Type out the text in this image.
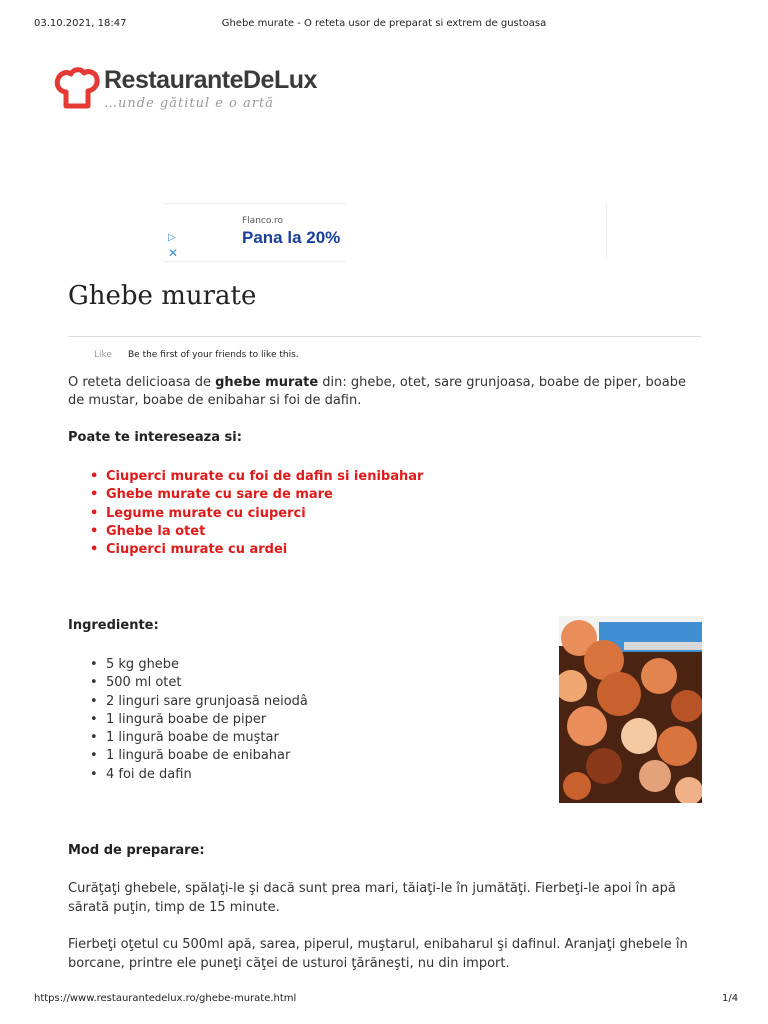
03.10.2021, 18:47	Ghebe murate - O reteta usor de preparat si extrem de gustoasa
RestauranteDeLux
…unde gătitul e o artă
▷
✕
Flanco.ro
Pana la 20%
Ghebe murate
Like Be the first of your friends to like this.

O reteta delicioasa de ghebe murate din: ghebe, otet, sare grunjoasa, boabe de piper, boabe de mustar, boabe de enibahar si foi de dafin.

Poate te intereseaza si:
• Ciuperci murate cu foi de dafin si ienibahar
• Ghebe murate cu sare de mare
• Legume murate cu ciuperci
• Ghebe la otet
• Ciuperci murate cu ardei
Ingrediente:
• 5 kg ghebe
• 500 ml otet
• 2 linguri sare grunjoasă neiodâ
• 1 lingură boabe de piper
• 1 lingură boabe de muştar
• 1 lingură boabe de enibahar
• 4 foi de dafin
Mod de preparare:

Curăţaţi ghebele, spălaţi-le şi dacă sunt prea mari, tăiaţi-le în jumătăţi. Fierbeţi-le apoi în apă sărată puţin, timp de 15 minute.

Fierbeţi oţetul cu 500ml apă, sarea, piperul, muştarul, enibaharul şi dafinul. Aranjaţi ghebele în borcane, printre ele puneţi căţei de usturoi ţărăneşti, nu din import.

https://www.restaurantedelux.ro/ghebe-murate.html	1/4
